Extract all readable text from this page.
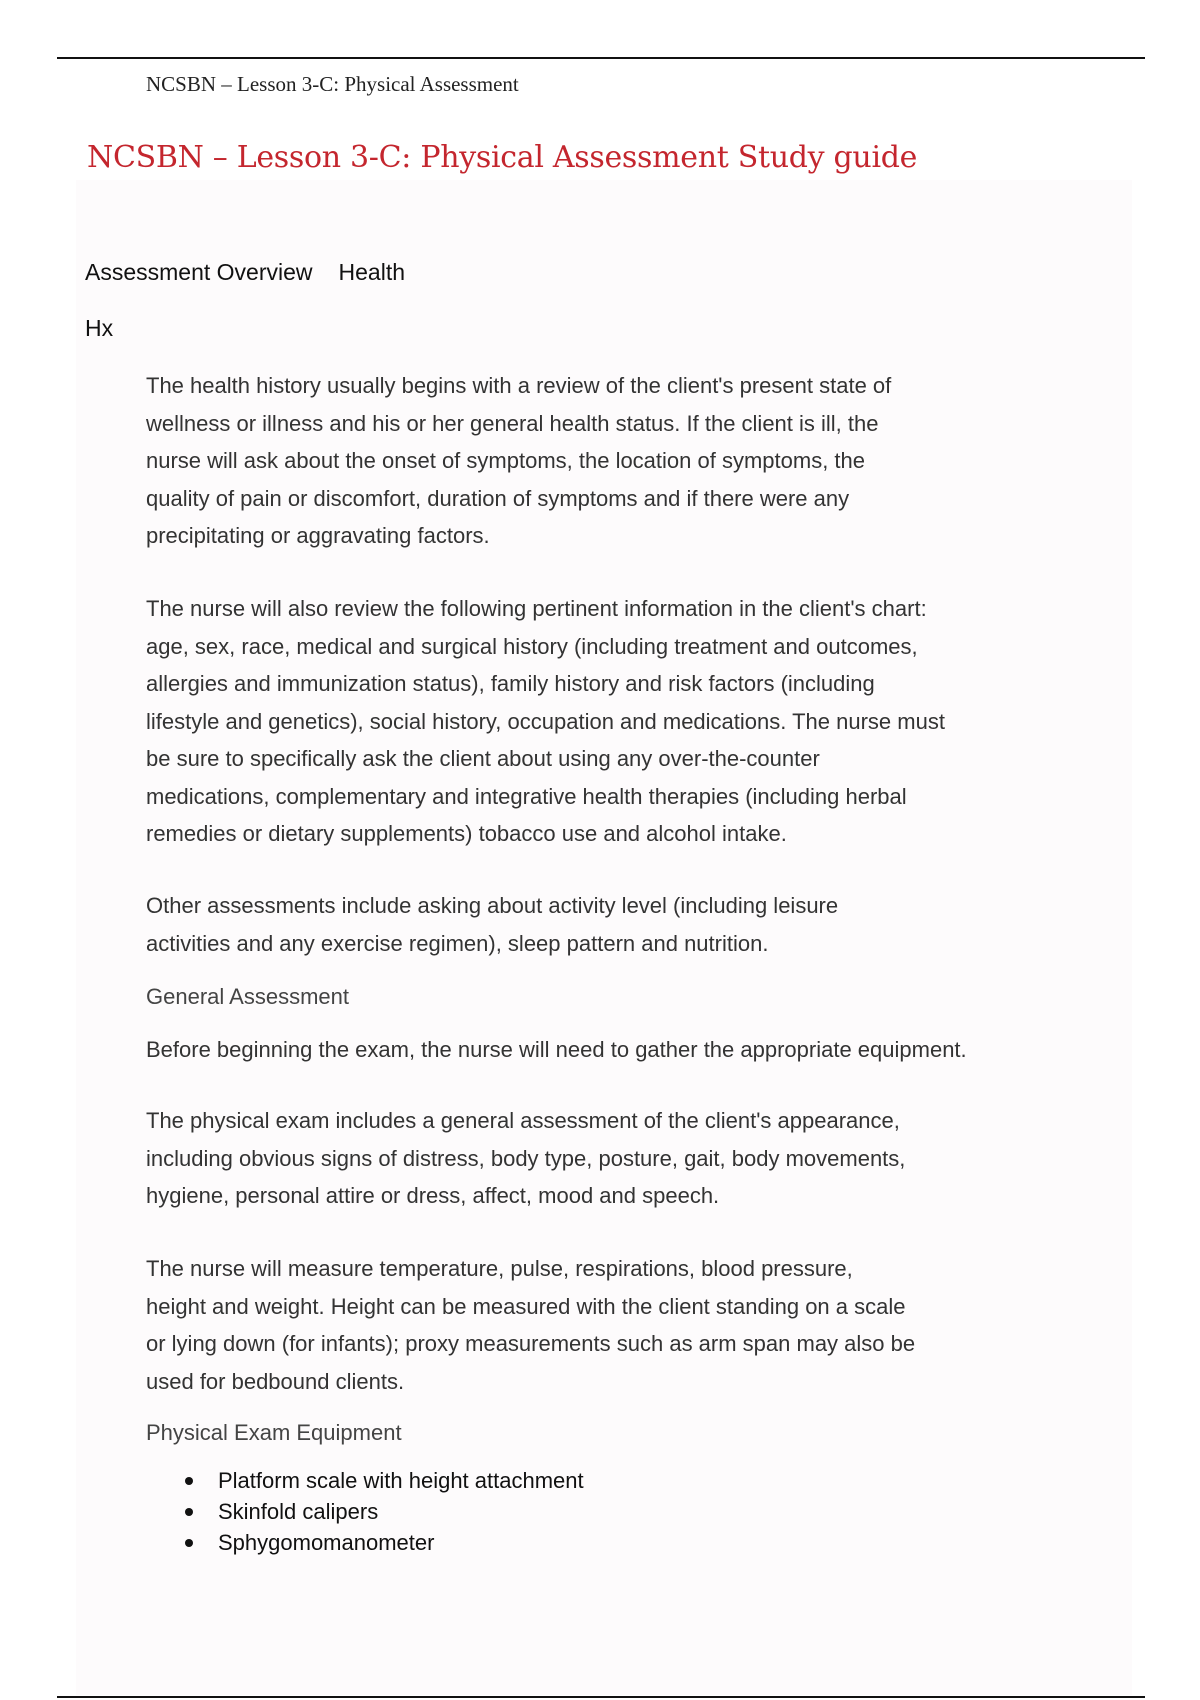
NCSBN – Lesson 3-C: Physical Assessment
NCSBN – Lesson 3-C: Physical Assessment Study guide
Assessment Overview Health
Hx
The health history usually begins with a review of the client's present state of
wellness or illness and his or her general health status. If the client is ill, the
nurse will ask about the onset of symptoms, the location of symptoms, the
quality of pain or discomfort, duration of symptoms and if there were any
precipitating or aggravating factors.
The nurse will also review the following pertinent information in the client's chart:
age, sex, race, medical and surgical history (including treatment and outcomes,
allergies and immunization status), family history and risk factors (including
lifestyle and genetics), social history, occupation and medications. The nurse must
be sure to specifically ask the client about using any over-the-counter
medications, complementary and integrative health therapies (including herbal
remedies or dietary supplements) tobacco use and alcohol intake.
Other assessments include asking about activity level (including leisure
activities and any exercise regimen), sleep pattern and nutrition.
General Assessment
Before beginning the exam, the nurse will need to gather the appropriate equipment.
The physical exam includes a general assessment of the client's appearance,
including obvious signs of distress, body type, posture, gait, body movements,
hygiene, personal attire or dress, affect, mood and speech.
The nurse will measure temperature, pulse, respirations, blood pressure,
height and weight. Height can be measured with the client standing on a scale
or lying down (for infants); proxy measurements such as arm span may also be
used for bedbound clients.
Physical Exam Equipment
Platform scale with height attachment
Skinfold calipers
Sphygomomanometer
